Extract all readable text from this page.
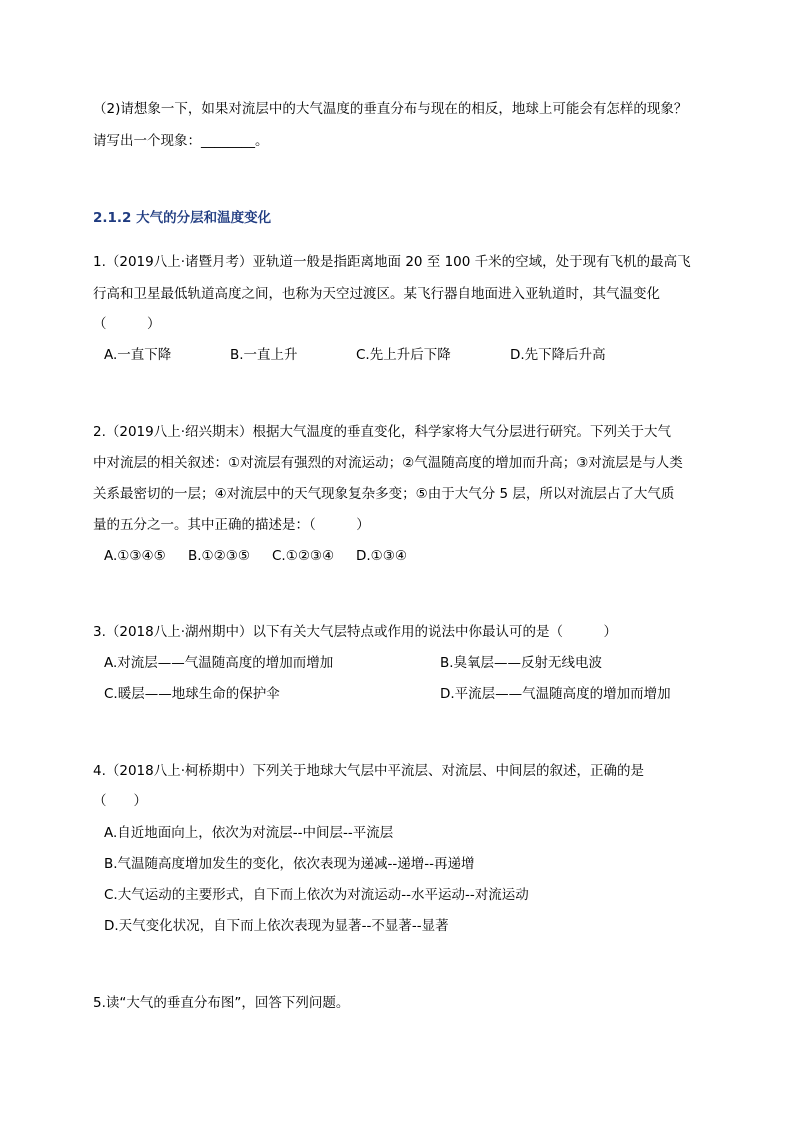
（2)请想象一下，如果对流层中的大气温度的垂直分布与现在的相反，地球上可能会有怎样的现象？
请写出一个现象：________。
2.1.2 大气的分层和温度变化
1.（2019八上·诸暨月考）亚轨道一般是指距离地面 20 至 100 千米的空域，处于现有飞机的最高飞
行高和卫星最低轨道高度之间，也称为天空过渡区。某飞行器自地面进入亚轨道时，其气温变化
（　　　）
A.一直下降	B.一直上升	C.先上升后下降	D.先下降后升高
2.（2019八上·绍兴期末）根据大气温度的垂直变化，科学家将大气分层进行研究。下列关于大气
中对流层的相关叙述：①对流层有强烈的对流运动；②气温随高度的增加而升高；③对流层是与人类
关系最密切的一层；④对流层中的天气现象复杂多变；⑤由于大气分 5 层，所以对流层占了大气质
量的五分之一。其中正确的描述是：（　　　）
A.①③④⑤ B.①②③⑤ C.①②③④ D.①③④
3.（2018八上·湖州期中）以下有关大气层特点或作用的说法中你最认可的是（　　　）
A.对流层——气温随高度的增加而增加	B.臭氧层——反射无线电波
C.暖层——地球生命的保护伞	D.平流层——气温随高度的增加而增加
4.（2018八上·柯桥期中）下列关于地球大气层中平流层、对流层、中间层的叙述，正确的是
（　　）
A.自近地面向上，依次为对流层--中间层--平流层
B.气温随高度增加发生的变化，依次表现为递减--递增--再递增
C.大气运动的主要形式，自下而上依次为对流运动--水平运动--对流运动
D.天气变化状况，自下而上依次表现为显著--不显著--显著
5.读“大气的垂直分布图”，回答下列问题。
